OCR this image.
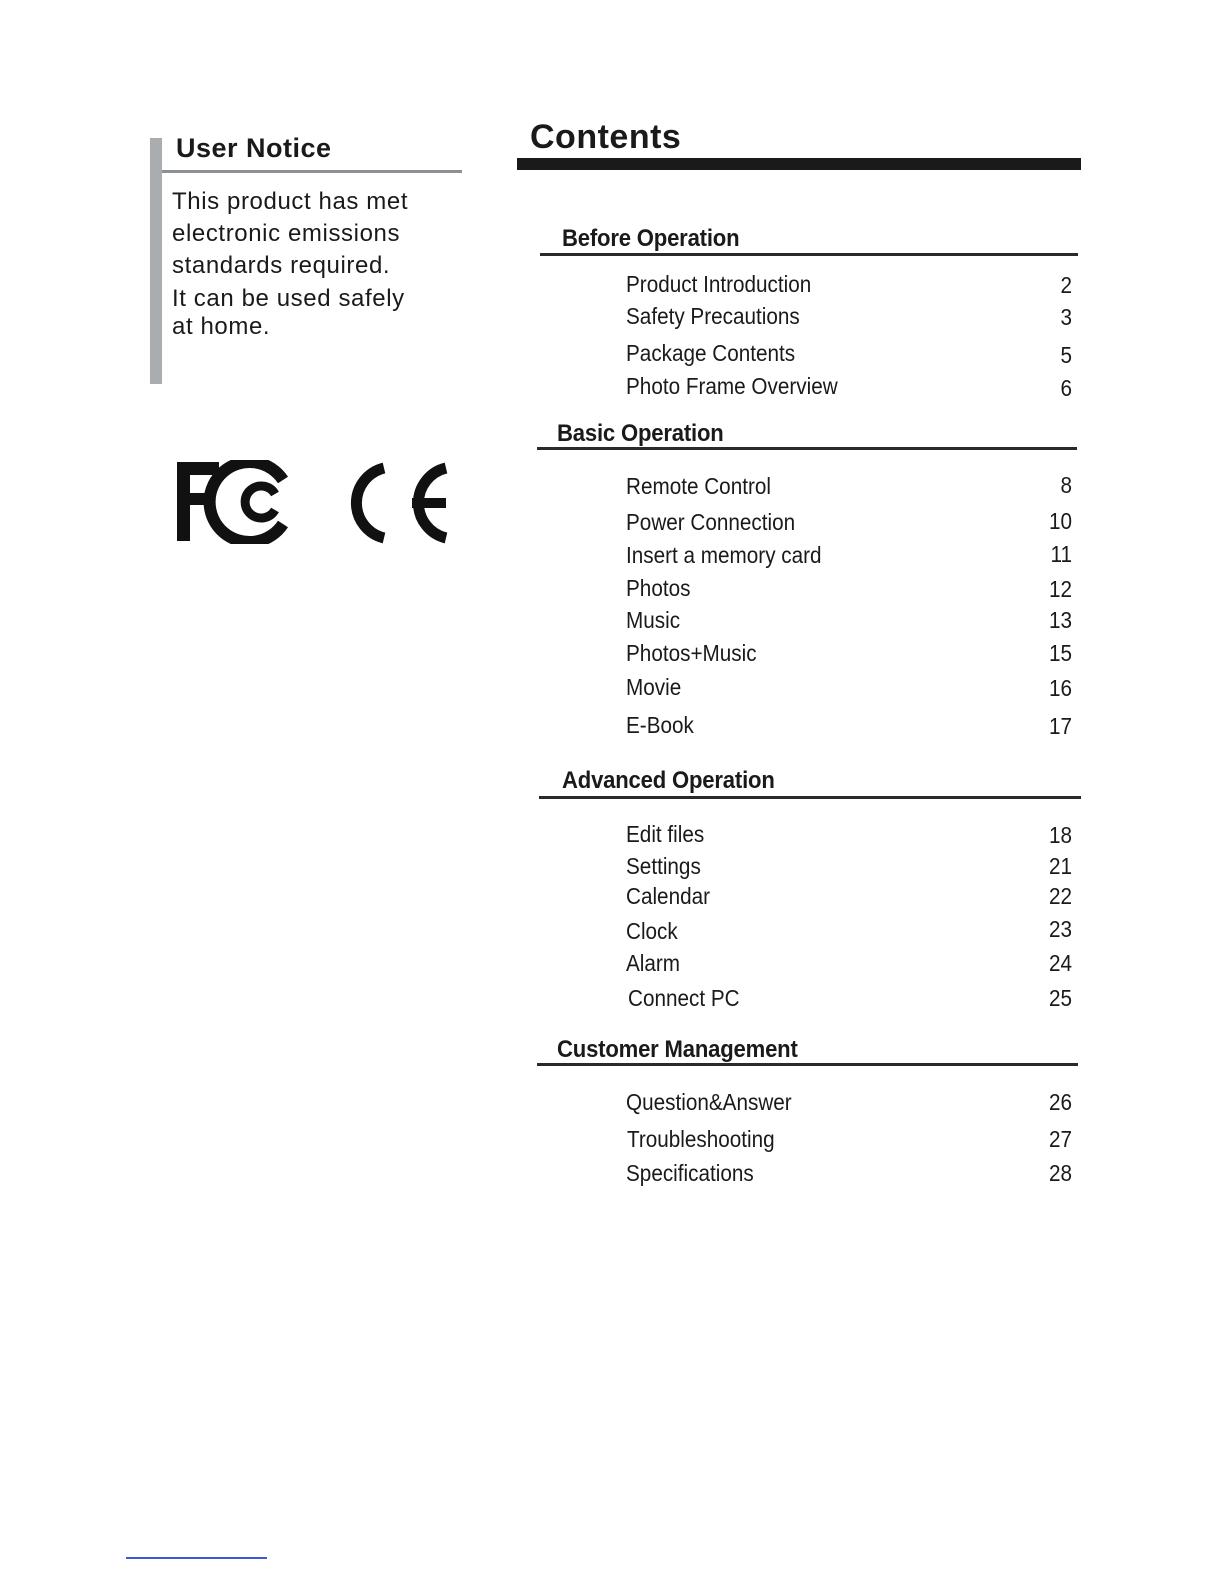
User Notice

This product has met

electronic emissions

standards required.

It can be used safely

at home.

Contents
Before Operation
Product Introduction	2
Safety Precautions	3
Package Contents	5
Photo Frame Overview	6
Basic Operation
Remote Control	8
Power Connection	10
Insert a memory card	11
Photos	12
Music	13
Photos+Music	15
Movie	16
E-Book	17
Advanced Operation
Edit files	18
Settings	21
Calendar	22
Clock	23
Alarm	24
Connect PC	25
Customer Management
Question&Answer	26
Troubleshooting	27
Specifications	28
